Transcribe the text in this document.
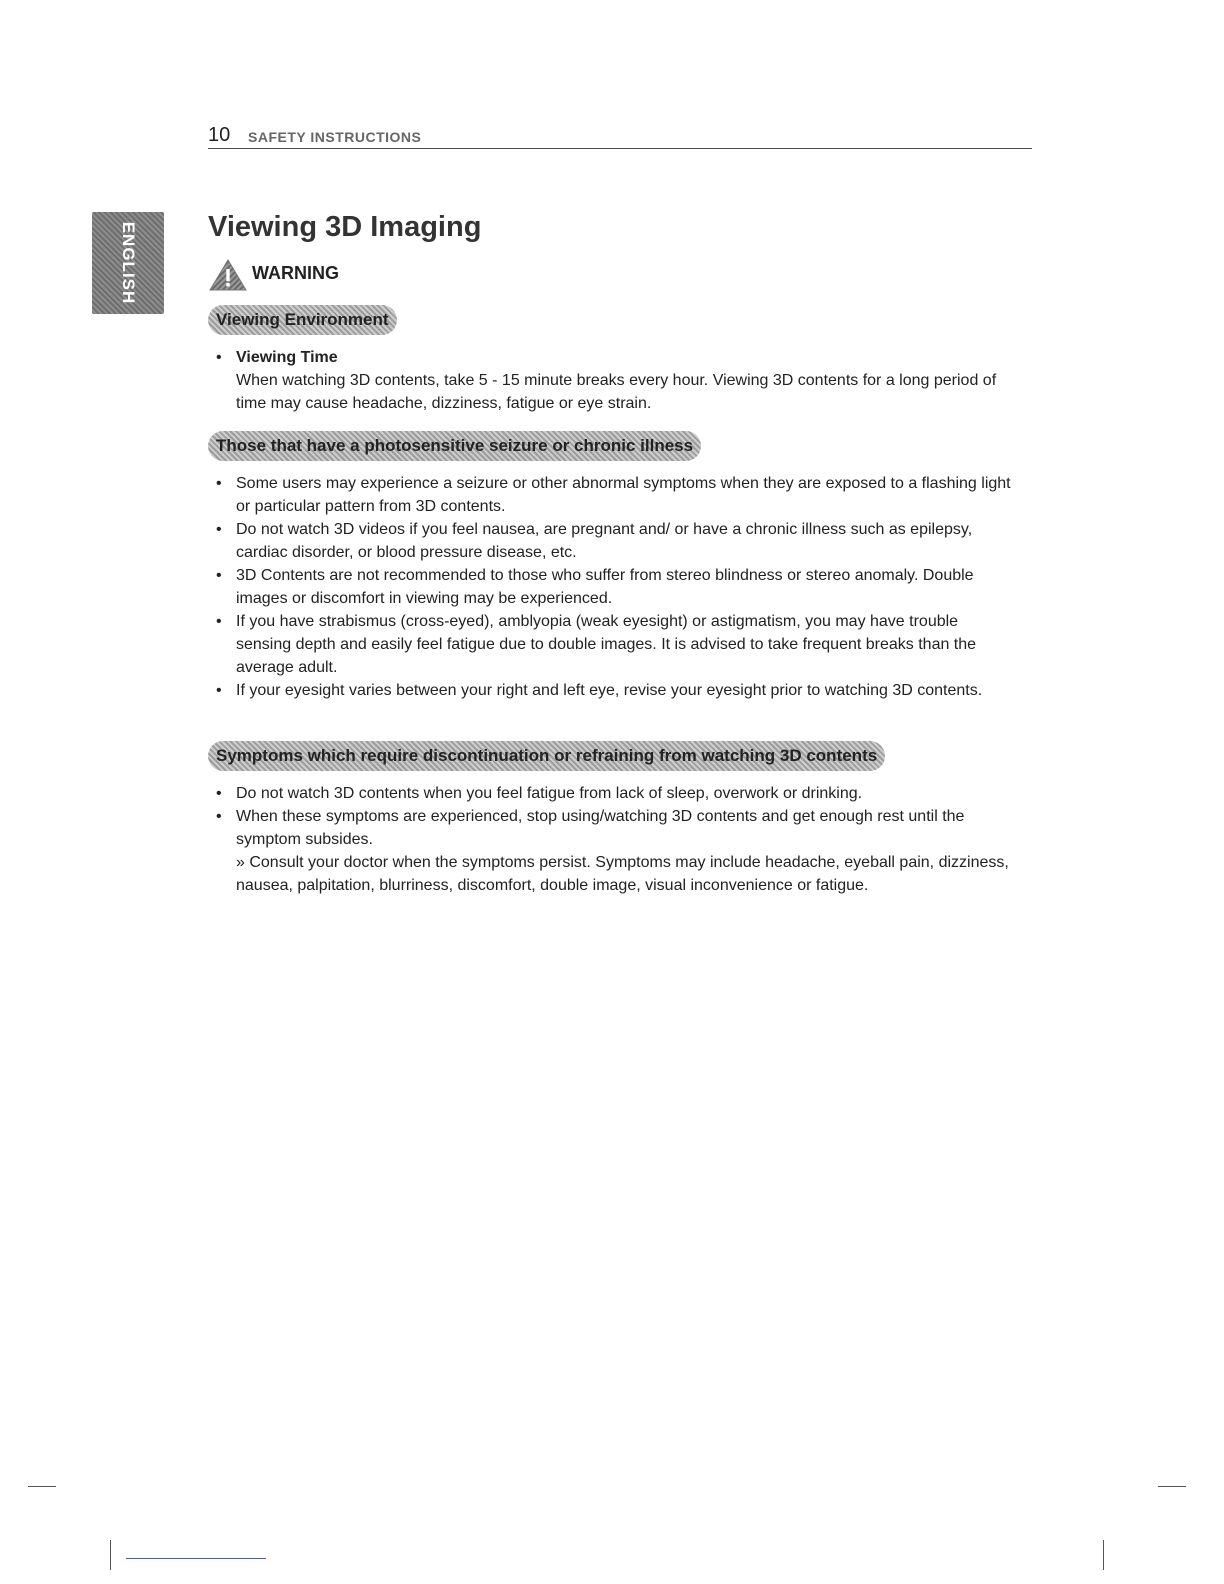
10 SAFETY INSTRUCTIONS
ENGLISH Viewing 3D Imaging
WARNING
Viewing Environment
• Viewing Time
When watching 3D contents, take 5 - 15 minute breaks every hour. Viewing 3D contents for a long period of time may cause headache, dizziness, fatigue or eye strain.
Those that have a photosensitive seizure or chronic illness
• Some users may experience a seizure or other abnormal symptoms when they are exposed to a flashing light or particular pattern from 3D contents.
• Do not watch 3D videos if you feel nausea, are pregnant and/ or have a chronic illness such as epilepsy, cardiac disorder, or blood pressure disease, etc.
• 3D Contents are not recommended to those who suffer from stereo blindness or stereo anomaly. Double images or discomfort in viewing may be experienced.
• If you have strabismus (cross-eyed), amblyopia (weak eyesight) or astigmatism, you may have trouble sensing depth and easily feel fatigue due to double images. It is advised to take frequent breaks than the average adult.
• If your eyesight varies between your right and left eye, revise your eyesight prior to watching 3D contents.
Symptoms which require discontinuation or refraining from watching 3D contents
• Do not watch 3D contents when you feel fatigue from lack of sleep, overwork or drinking.
• When these symptoms are experienced, stop using/watching 3D contents and get enough rest until the symptom subsides.
» Consult your doctor when the symptoms persist. Symptoms may include headache, eyeball pain, dizziness, nausea, palpitation, blurriness, discomfort, double image, visual inconvenience or fatigue.
